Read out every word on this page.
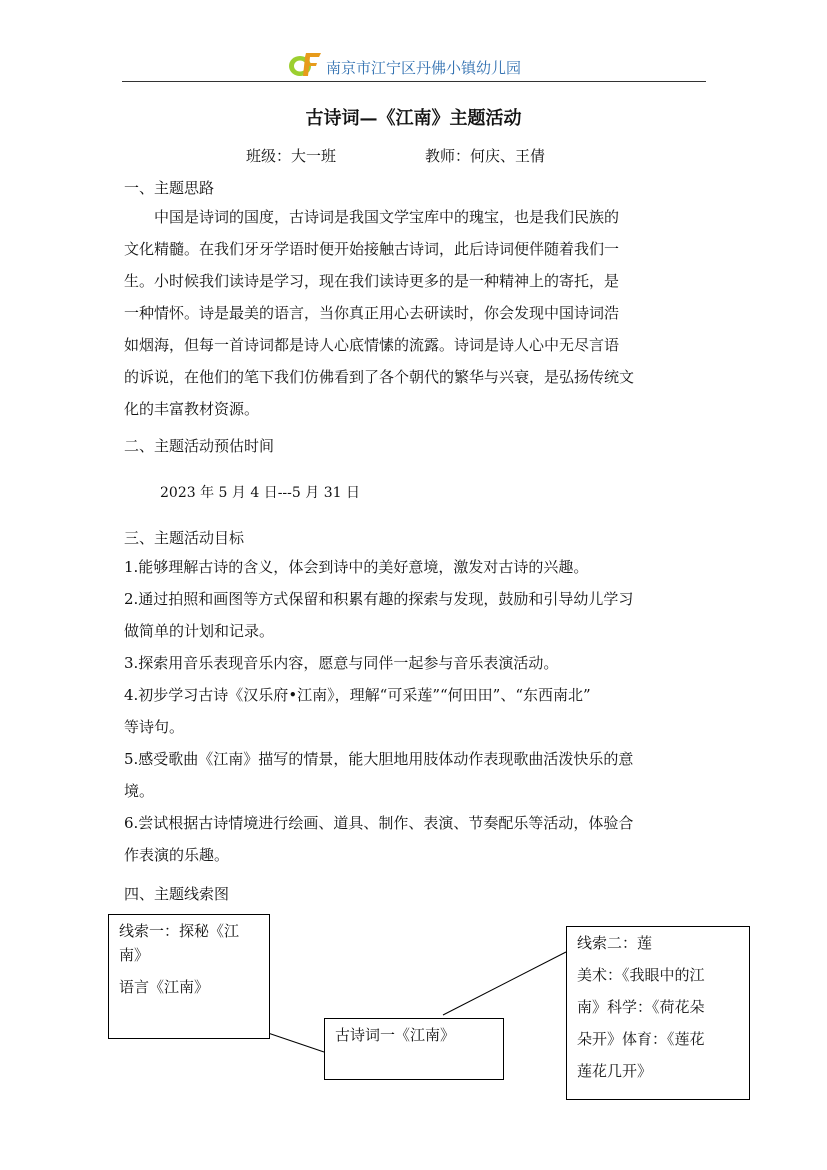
南京市江宁区丹佛小镇幼儿园
古诗词—《江南》主题活动
班级：大一班	教师：何庆、王倩
一、主题思路
　　中国是诗词的国度，古诗词是我国文学宝库中的瑰宝，也是我们民族的
文化精髓。在我们牙牙学语时便开始接触古诗词，此后诗词便伴随着我们一
生。小时候我们读诗是学习，现在我们读诗更多的是一种精神上的寄托，是
一种情怀。诗是最美的语言，当你真正用心去研读时，你会发现中国诗词浩
如烟海，但每一首诗词都是诗人心底情愫的流露。诗词是诗人心中无尽言语
的诉说，在他们的笔下我们仿佛看到了各个朝代的繁华与兴衰，是弘扬传统文
化的丰富教材资源。
二、主题活动预估时间
2023 年 5 月 4 日---5 月 31 日
三、主题活动目标
1.能够理解古诗的含义，体会到诗中的美好意境，激发对古诗的兴趣。
2.通过拍照和画图等方式保留和积累有趣的探索与发现，鼓励和引导幼儿学习
做简单的计划和记录。
3.探索用音乐表现音乐内容，愿意与同伴一起参与音乐表演活动。
4.初步学习古诗《汉乐府•江南》，理解“可采莲”“何田田”、“东西南北”
等诗句。
5.感受歌曲《江南》描写的情景，能大胆地用肢体动作表现歌曲活泼快乐的意
境。
6.尝试根据古诗情境进行绘画、道具、制作、表演、节奏配乐等活动，体验合
作表演的乐趣。
四、主题线索图
线索一：探秘《江
南》
语言《江南》
古诗词一《江南》
线索二：莲
美术：《我眼中的江
南》科学：《荷花朵
朵开》体育：《莲花
莲花几开》
